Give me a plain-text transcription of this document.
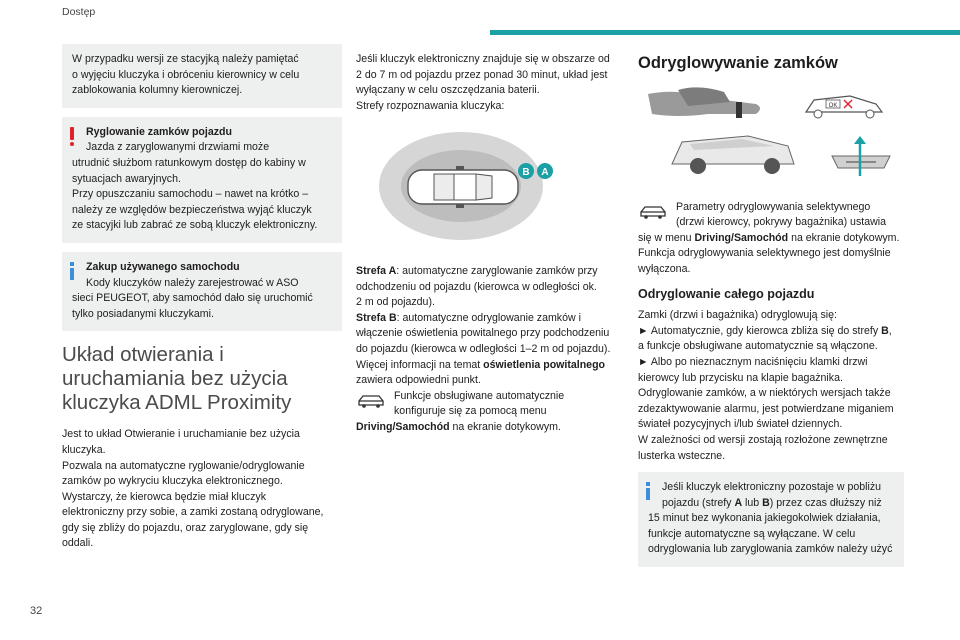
Dostęp
32
W przypadku wersji ze stacyjką należy pamiętać
o wyjęciu kluczyka i obróceniu kierownicy w celu
zablokowania kolumny kierowniczej.
Ryglowanie zamków pojazdu
Jazda z zaryglowanymi drzwiami może
utrudnić służbom ratunkowym dostęp do kabiny w
sytuacjach awaryjnych.
Przy opuszczaniu samochodu – nawet na krótko –
należy ze względów bezpieczeństwa wyjąć kluczyk
ze stacyjki lub zabrać ze sobą kluczyk elektroniczny.
Zakup używanego samochodu
Kody kluczyków należy zarejestrować w ASO
sieci PEUGEOT, aby samochód dało się uruchomić
tylko posiadanymi kluczykami.
Układ otwierania i
uruchamiania bez użycia
kluczyka ADML Proximity
Jest to układ Otwieranie i uruchamianie bez użycia
kluczyka.
Pozwala na automatyczne ryglowanie/odryglowanie
zamków po wykryciu kluczyka elektronicznego.
Wystarczy, że kierowca będzie miał kluczyk
elektroniczny przy sobie, a zamki zostaną odryglowane,
gdy się zbliży do pojazdu, oraz zaryglowane, gdy się
oddali.
Jeśli kluczyk elektroniczny znajduje się w obszarze od
2 do 7 m od pojazdu przez ponad 30 minut, układ jest
wyłączany w celu oszczędzania baterii.
Strefy rozpoznawania kluczyka:
B A
Strefa A: automatyczne zaryglowanie zamków przy
odchodzeniu od pojazdu (kierowca w odległości ok.
2 m od pojazdu).
Strefa B: automatyczne odryglowanie zamków i
włączenie oświetlenia powitalnego przy podchodzeniu
do pojazdu (kierowca w odległości 1–2 m od pojazdu).
Więcej informacji na temat oświetlenia powitalnego
zawiera odpowiedni punkt.
Funkcje obsługiwane automatycznie
konfiguruje się za pomocą menu
Driving/Samochód na ekranie dotykowym.
Odryglowywanie zamków
OK
Parametry odryglowywania selektywnego
(drzwi kierowcy, pokrywy bagażnika) ustawia
się w menu Driving/Samochód na ekranie dotykowym.
Funkcja odryglowywania selektywnego jest domyślnie
wyłączona.
Odryglowanie całego pojazdu
Zamki (drzwi i bagażnika) odryglowują się:
► Automatycznie, gdy kierowca zbliża się do strefy B,
a funkcje obsługiwane automatycznie są włączone.
► Albo po nieznacznym naciśnięciu klamki drzwi
kierowcy lub przycisku na klapie bagażnika.
Odryglowanie zamków, a w niektórych wersjach także
zdezaktywowanie alarmu, jest potwierdzane miganiem
świateł pozycyjnych i/lub świateł dziennych.
W zależności od wersji zostają rozłożone zewnętrzne
lusterka wsteczne.
Jeśli kluczyk elektroniczny pozostaje w pobliżu
pojazdu (strefy A lub B) przez czas dłuższy niż
15 minut bez wykonania jakiegokolwiek działania,
funkcje automatyczne są wyłączane. W celu
odryglowania lub zaryglowania zamków należy użyć
